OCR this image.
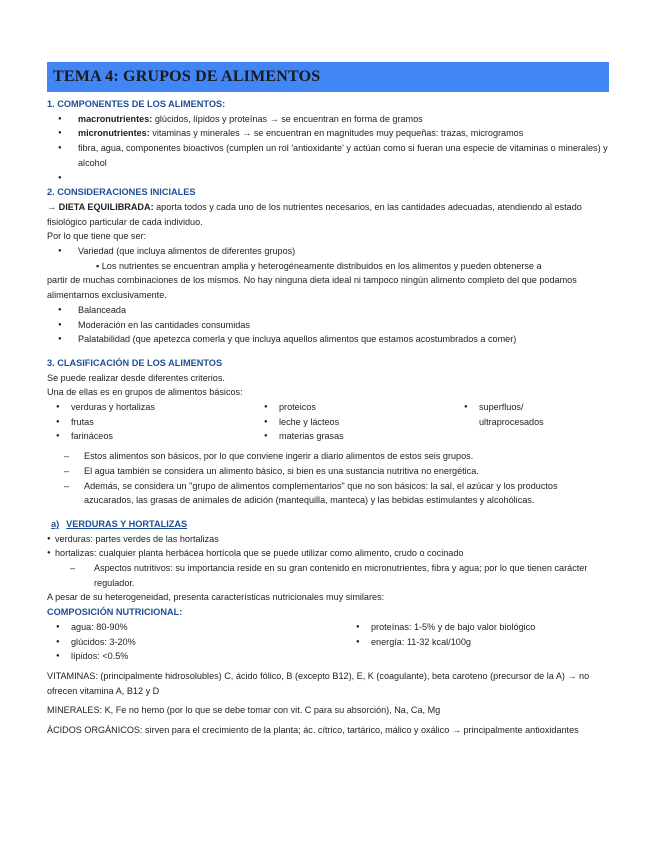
TEMA 4: GRUPOS DE ALIMENTOS
1. COMPONENTES DE LOS ALIMENTOS:
● macronutrientes: glúcidos, lípidos y proteínas → se encuentran en forma de gramos
● micronutrientes: vitaminas y minerales → se encuentran en magnitudes muy pequeñas: trazas, microgramos
● fibra, agua, componentes bioactivos (cumplen un rol 'antioxidante' y actúan como si fueran una especie de vitaminas o minerales) y alcohol
●
2. CONSIDERACIONES INICIALES
→ DIETA EQUILIBRADA: aporta todos y cada uno de los nutrientes necesarios, en las cantidades adecuadas, atendiendo al estado fisiológico particular de cada individuo.
Por lo que tiene que ser:
● Variedad (que incluya alimentos de diferentes grupos)
▪ Los nutrientes se encuentran amplia y heterogéneamente distribuidos en los alimentos y pueden obtenerse a
partir de muchas combinaciones de los mismos. No hay ninguna dieta ideal ni tampoco ningún alimento completo del que podamos alimentarnos exclusivamente.
● Balanceada
● Moderación en las cantidades consumidas
● Palatabilidad (que apetezca comerla y que incluya aquellos alimentos que estamos acostumbrados a comer)
3. CLASIFICACIÓN DE LOS ALIMENTOS
Se puede realizar desde diferentes criterios.
Una de ellas es en grupos de alimentos básicos:
● verduras y hortalizas
● frutas
● farináceos
● proteicos
● leche y lácteos
● materias grasas
● superfluos/
ultraprocesados
– Estos alimentos son básicos, por lo que conviene ingerir a diario alimentos de estos seis grupos.
– El agua también se considera un alimento básico, si bien es una sustancia nutritiva no energética.
– Además, se considera un "grupo de alimentos complementarios" que no son básicos: la sal, el azúcar y los productos azucarados, las grasas de animales de adición (mantequilla, manteca) y las bebidas estimulantes y alcohólicas.
a) VERDURAS Y HORTALIZAS
● verduras: partes verdes de las hortalizas
● hortalizas: cualquier planta herbácea hortícola que se puede utilizar como alimento, crudo o cocinado
– Aspectos nutritivos: su importancia reside en su gran contenido en micronutrientes, fibra y agua; por lo que tienen carácter regulador.
A pesar de su heterogeneidad, presenta características nutricionales muy similares:
COMPOSICIÓN NUTRICIONAL:
● agua: 80-90%
● glúcidos: 3-20%
● lípidos: <0.5%
● proteínas: 1-5% y de bajo valor biológico
● energía: 11-32 kcal/100g
VITAMINAS: (principalmente hidrosolubles) C, ácido fólico, B (excepto B12), E, K (coagulante), beta caroteno (precursor de la A) → no ofrecen vitamina A, B12 y D
MINERALES: K, Fe no hemo (por lo que se debe tomar con vit. C para su absorción), Na, Ca, Mg
ÁCIDOS ORGÁNICOS: sirven para el crecimiento de la planta; ác. cítrico, tartárico, málico y oxálico → principalmente antioxidantes
